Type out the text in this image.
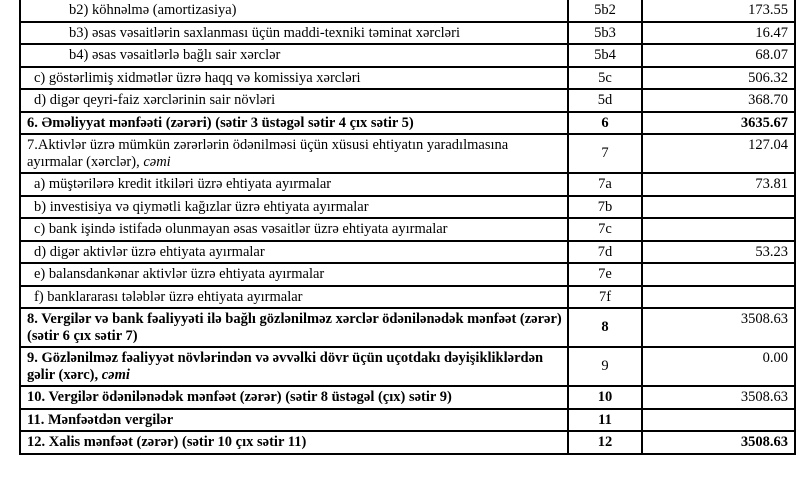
b2) köhnəlmə (amortizasiya)	5b2	173.55
b3) əsas vəsaitlərin saxlanması üçün maddi-texniki təminat xərcləri	5b3	16.47
b4) əsas vəsaitlərlə bağlı sair xərclər	5b4	68.07
c) göstərlimiş xidmətlər üzrə haqq və komissiya xərcləri	5c	506.32
d) digər qeyri-faiz xərclərinin sair növləri	5d	368.70
6. Əməliyyat mənfəəti (zərəri) (sətir 3 üstəgəl sətir 4 çıx sətir 5)	6	3635.67
7.Aktivlər üzrə mümkün zərərlərin ödənilməsi üçün xüsusi ehtiyatın yaradılmasına ayırmalar (xərclər), cəmi	7	127.04
a) müştərilərə kredit itkiləri üzrə ehtiyata ayırmalar	7a	73.81
b) investisiya və qiymətli kağızlar üzrə ehtiyata ayırmalar	7b	
c) bank işində istifadə olunmayan əsas vəsaitlər üzrə ehtiyata ayırmalar	7c	
d) digər aktivlər üzrə ehtiyata ayırmalar	7d	53.23
e) balansdankənar aktivlər üzrə ehtiyata ayırmalar	7e	
f) banklararası tələblər üzrə ehtiyata ayırmalar	7f	
8. Vergilər və bank fəaliyyəti ilə bağlı gözlənilməz xərclər ödənilənədək mənfəət (zərər) (sətir 6 çıx sətir 7)	8	3508.63
9. Gözlənilməz fəaliyyət növlərindən və əvvəlki dövr üçün uçotdakı dəyişikliklərdən gəlir (xərc), cəmi	9	0.00
10. Vergilər ödənilənədək mənfəət (zərər) (sətir 8 üstəgəl (çıx) sətir 9)	10	3508.63
11. Mənfəətdən vergilər	11	
12. Xalis mənfəət (zərər) (sətir 10 çıx sətir 11)	12	3508.63
